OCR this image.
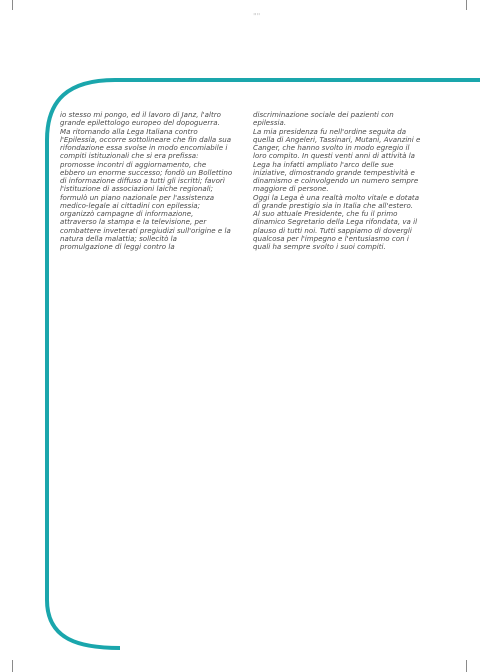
""
io stesso mi pongo, ed il lavoro di Janz, l'altro
grande epilettologo europeo del dopoguerra.
Ma ritornando alla Lega Italiana contro
l'Epilessia, occorre sottolineare che fin dalla sua
rifondazione essa svolse in modo encomiabile i
compiti istituzionali che si era prefissa:
promosse incontri di aggiornamento, che
ebbero un enorme successo; fondò un Bollettino
di informazione diffuso a tutti gli iscritti; favorì
l'istituzione di associazioni laiche regionali;
formulò un piano nazionale per l'assistenza
medico-legale ai cittadini con epilessia;
organizzò campagne di informazione,
attraverso la stampa e la televisione, per
combattere inveterati pregiudizi sull'origine e la
natura della malattia; sollecitò la
promulgazione di leggi contro la
discriminazione sociale dei pazienti con
epilessia.
La mia presidenza fu nell'ordine seguita da
quella di Angeleri, Tassinari, Mutani, Avanzini e
Canger, che hanno svolto in modo egregio il
loro compito. In questi venti anni di attività la
Lega ha infatti ampliato l'arco delle sue
iniziative, dimostrando grande tempestività e
dinamismo e coinvolgendo un numero sempre
maggiore di persone.
Oggi la Lega è una realtà molto vitale e dotata
di grande prestigio sia in Italia che all'estero.
Al suo attuale Presidente, che fu il primo
dinamico Segretario della Lega rifondata, va il
plauso di tutti noi. Tutti sappiamo di dovergli
qualcosa per l'impegno e l'entusiasmo con i
quali ha sempre svolto i suoi compiti.
